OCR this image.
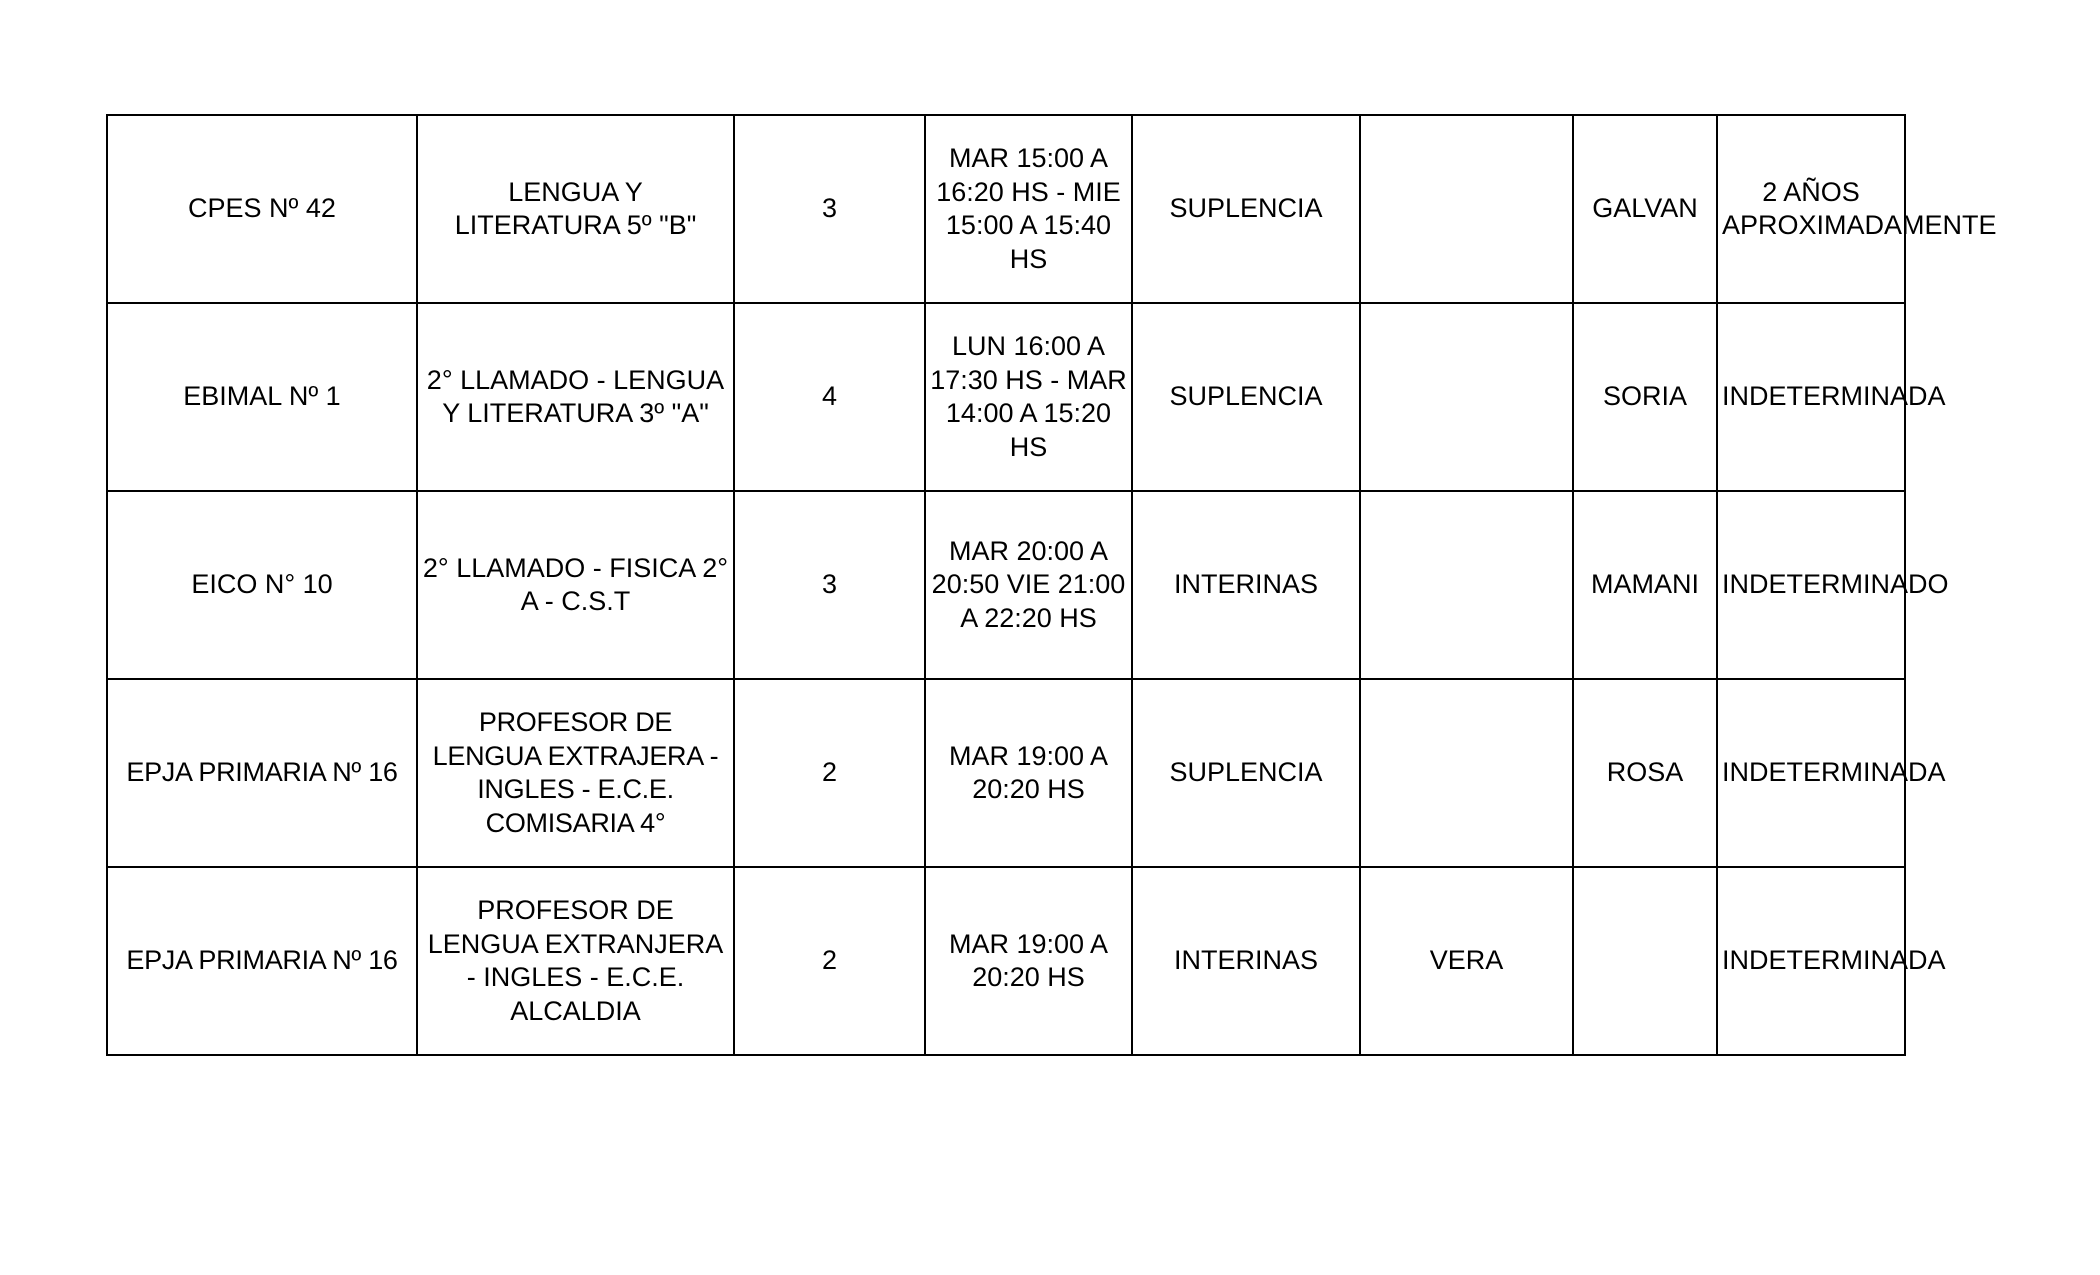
CPES Nº 42	LENGUA Y LITERATURA 5º "B"	3	MAR 15:00 A 16:20 HS - MIE 15:00 A 15:40 HS	SUPLENCIA		GALVAN	2 AÑOS APROXIMADAMENTE
EBIMAL Nº 1	2° LLAMADO - LENGUA Y LITERATURA 3º "A"	4	LUN 16:00 A 17:30 HS - MAR 14:00 A 15:20 HS	SUPLENCIA		SORIA	INDETERMINADA
EICO N° 10	2° LLAMADO - FISICA 2° A - C.S.T	3	MAR 20:00 A 20:50 VIE 21:00 A 22:20 HS	INTERINAS		MAMANI	INDETERMINADO
EPJA PRIMARIA Nº 16	PROFESOR DE LENGUA EXTRAJERA - INGLES - E.C.E. COMISARIA 4°	2	MAR 19:00 A 20:20 HS	SUPLENCIA		ROSA	INDETERMINADA
EPJA PRIMARIA Nº 16	PROFESOR DE LENGUA EXTRANJERA - INGLES - E.C.E. ALCALDIA	2	MAR 19:00 A 20:20 HS	INTERINAS	VERA		INDETERMINADA
